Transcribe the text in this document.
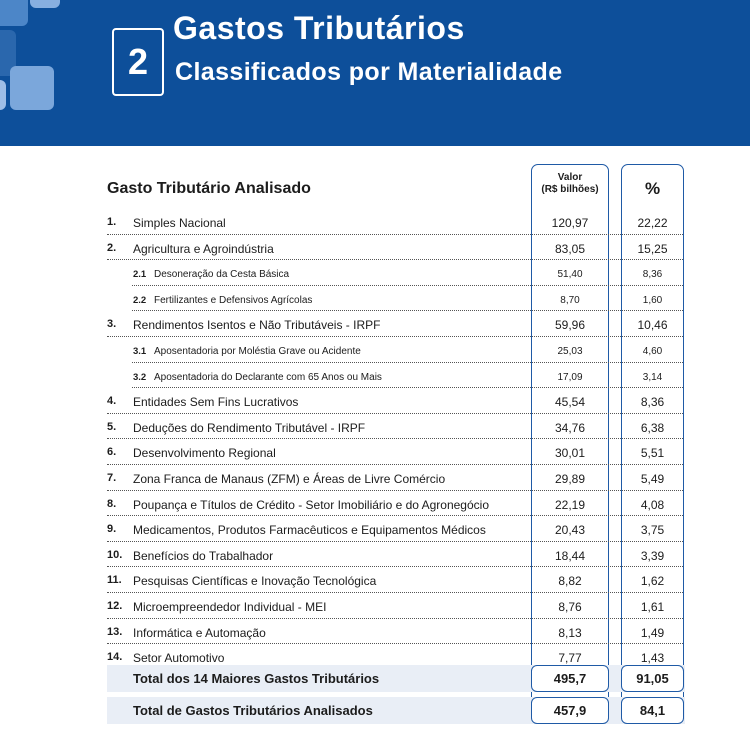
2
Gastos Tributários
Classificados por Materialidade
Gasto Tributário Analisado
Valor
(R$ bilhões)	%
1. Simples Nacional	120,97	22,22
2. Agricultura e Agroindústria	83,05	15,25
2.1 Desoneração da Cesta Básica	51,40	8,36
2.2 Fertilizantes e Defensivos Agrícolas	8,70	1,60
3. Rendimentos Isentos e Não Tributáveis - IRPF	59,96	10,46
3.1 Aposentadoria por Moléstia Grave ou Acidente	25,03	4,60
3.2 Aposentadoria do Declarante com 65 Anos ou Mais	17,09	3,14
4. Entidades Sem Fins Lucrativos	45,54	8,36
5. Deduções do Rendimento Tributável - IRPF	34,76	6,38
6. Desenvolvimento Regional	30,01	5,51
7. Zona Franca de Manaus (ZFM) e Áreas de Livre Comércio	29,89	5,49
8. Poupança e Títulos de Crédito - Setor Imobiliário e do Agronegócio	22,19	4,08
9. Medicamentos, Produtos Farmacêuticos e Equipamentos Médicos	20,43	3,75
10. Benefícios do Trabalhador	18,44	3,39
11. Pesquisas Científicas e Inovação Tecnológica	8,82	1,62
12. Microempreendedor Individual - MEI	8,76	1,61
13. Informática e Automação	8,13	1,49
14. Setor Automotivo	7,77	1,43
Total dos 14 Maiores Gastos Tributários	495,7	91,05
Total de Gastos Tributários Analisados	457,9	84,1
